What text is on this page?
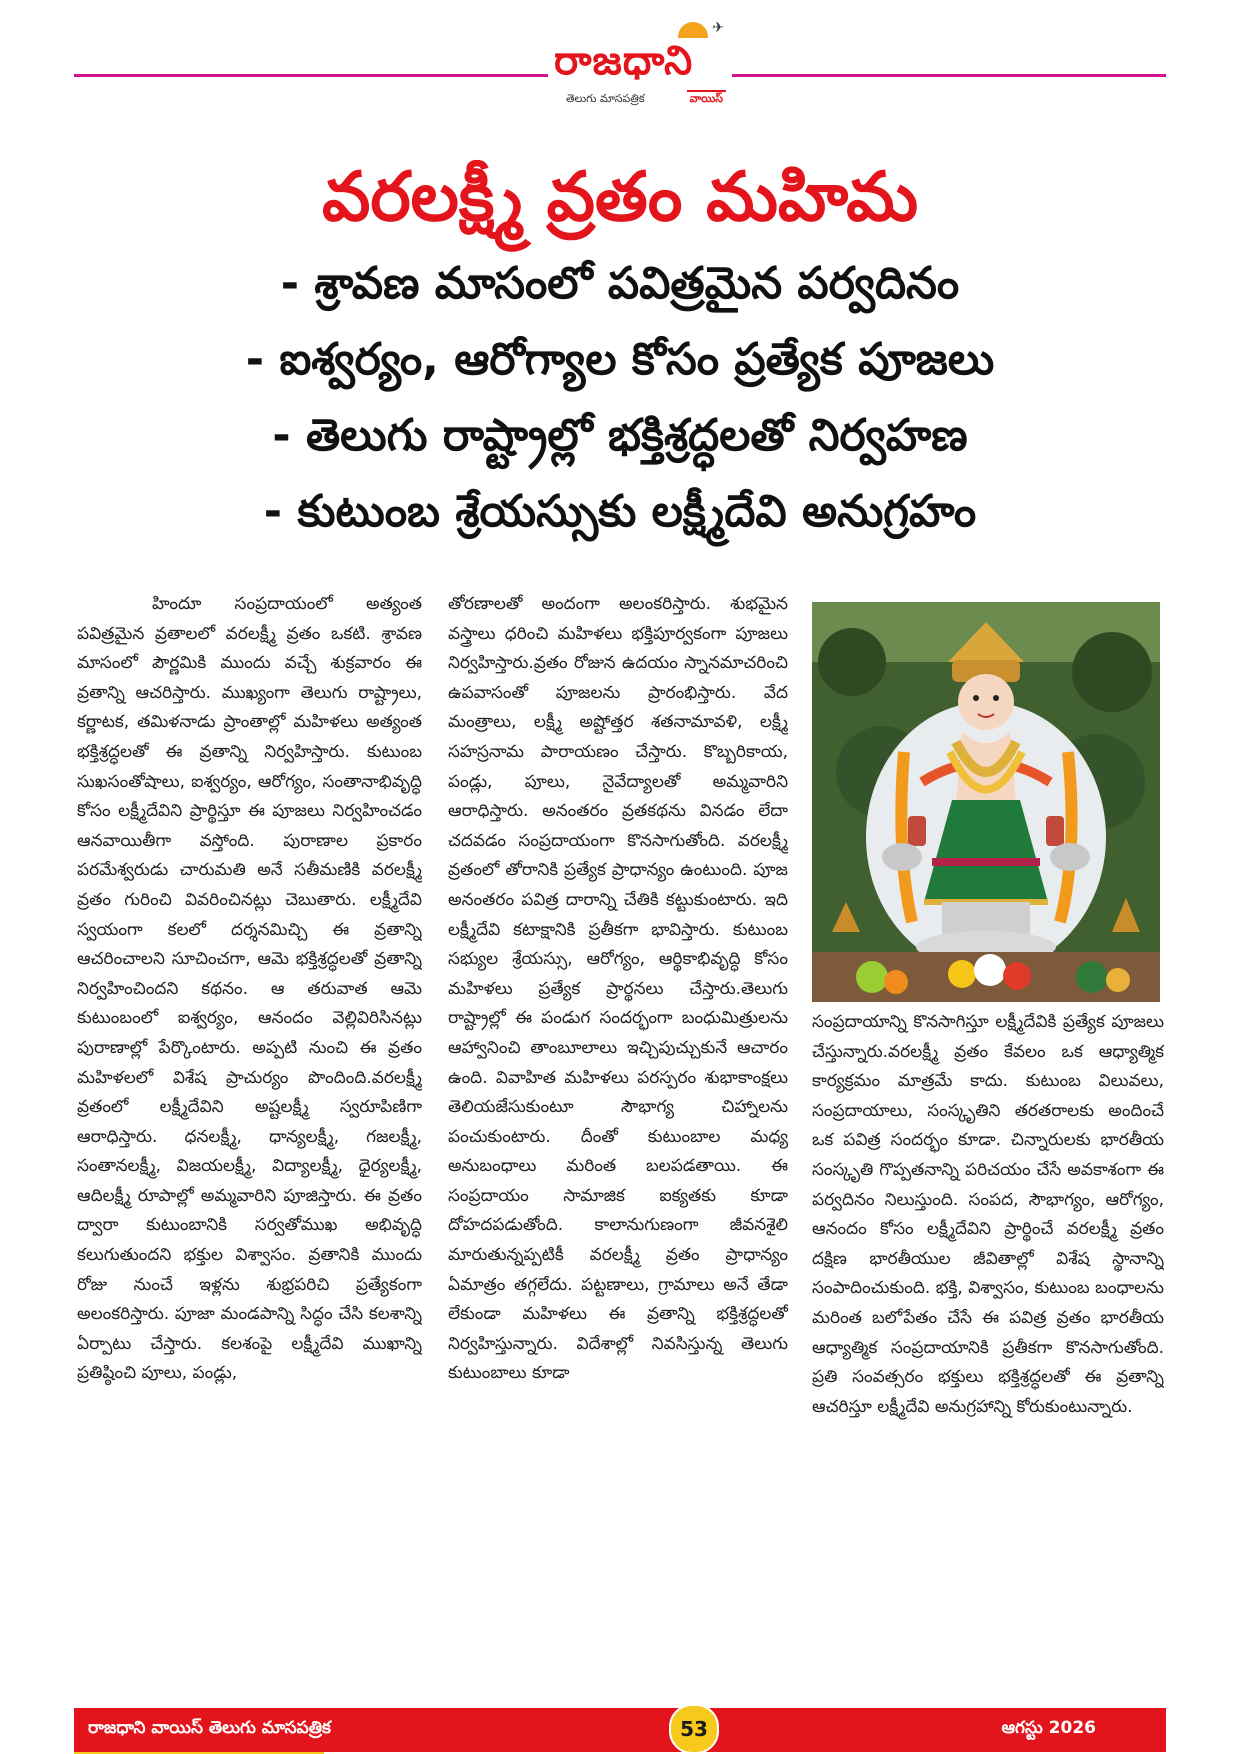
✈
రాజధాని
తెలుగు మాసపత్రిక	వాయిస్
వరలక్ష్మీ వ్రతం మహిమ
- శ్రావణ మాసంలో పవిత్రమైన పర్వదినం
- ఐశ్వర్యం, ఆరోగ్యాల కోసం ప్రత్యేక పూజలు
- తెలుగు రాష్ట్రాల్లో భక్తిశ్రద్ధలతో నిర్వహణ
- కుటుంబ శ్రేయస్సుకు లక్ష్మీదేవి అనుగ్రహం
హిందూ సంప్రదాయంలో అత్యంత పవిత్రమైన వ్రతాలలో వరలక్ష్మీ వ్రతం ఒకటి. శ్రావణ మాసంలో పౌర్ణమికి ముందు వచ్చే శుక్రవారం ఈ వ్రతాన్ని ఆచరిస్తారు. ముఖ్యంగా తెలుగు రాష్ట్రాలు, కర్ణాటక, తమిళనాడు ప్రాంతాల్లో మహిళలు అత్యంత భక్తిశ్రద్ధలతో ఈ వ్రతాన్ని నిర్వహిస్తారు. కుటుంబ సుఖసంతోషాలు, ఐశ్వర్యం, ఆరోగ్యం, సంతానాభివృద్ధి కోసం లక్ష్మీదేవిని ప్రార్థిస్తూ ఈ పూజలు నిర్వహించడం ఆనవాయితీగా వస్తోంది. పురాణాల ప్రకారం పరమేశ్వరుడు చారుమతి అనే సతీమణికి వరలక్ష్మీ వ్రతం గురించి వివరించినట్లు చెబుతారు. లక్ష్మీదేవి స్వయంగా కలలో దర్శనమిచ్చి ఈ వ్రతాన్ని ఆచరించాలని సూచించగా, ఆమె భక్తిశ్రద్ధలతో వ్రతాన్ని నిర్వహించిందని కథనం. ఆ తరువాత ఆమె కుటుంబంలో ఐశ్వర్యం, ఆనందం వెల్లివిరిసినట్లు పురాణాల్లో పేర్కొంటారు. అప్పటి నుంచి ఈ వ్రతం మహిళలలో విశేష ప్రాచుర్యం పొందింది.వరలక్ష్మీ వ్రతంలో లక్ష్మీదేవిని అష్టలక్ష్మీ స్వరూపిణిగా ఆరాధిస్తారు. ధనలక్ష్మీ, ధాన్యలక్ష్మీ, గజలక్ష్మీ, సంతానలక్ష్మీ, విజయలక్ష్మీ, విద్యాలక్ష్మీ, ధైర్యలక్ష్మీ, ఆదిలక్ష్మీ రూపాల్లో అమ్మవారిని పూజిస్తారు. ఈ వ్రతం ద్వారా కుటుంబానికి సర్వతోముఖ అభివృద్ధి కలుగుతుందని భక్తుల విశ్వాసం. వ్రతానికి ముందు రోజు నుంచే ఇళ్లను శుభ్రపరిచి ప్రత్యేకంగా అలంకరిస్తారు. పూజా మండపాన్ని సిద్ధం చేసి కలశాన్ని ఏర్పాటు చేస్తారు. కలశంపై లక్ష్మీదేవి ముఖాన్ని ప్రతిష్ఠించి పూలు, పండ్లు,
తోరణాలతో అందంగా అలంకరిస్తారు. శుభమైన వస్త్రాలు ధరించి మహిళలు భక్తిపూర్వకంగా పూజలు నిర్వహిస్తారు.వ్రతం రోజున ఉదయం స్నానమాచరించి ఉపవాసంతో పూజలను ప్రారంభిస్తారు. వేద మంత్రాలు, లక్ష్మీ అష్టోత్తర శతనామావళి, లక్ష్మీ సహస్రనామ పారాయణం చేస్తారు. కొబ్బరికాయ, పండ్లు, పూలు, నైవేద్యాలతో అమ్మవారిని ఆరాధిస్తారు. అనంతరం వ్రతకథను వినడం లేదా చదవడం సంప్రదాయంగా కొనసాగుతోంది. వరలక్ష్మీ వ్రతంలో తోరానికి ప్రత్యేక ప్రాధాన్యం ఉంటుంది. పూజ అనంతరం పవిత్ర దారాన్ని చేతికి కట్టుకుంటారు. ఇది లక్ష్మీదేవి కటాక్షానికి ప్రతీకగా భావిస్తారు. కుటుంబ సభ్యుల శ్రేయస్సు, ఆరోగ్యం, ఆర్థికాభివృద్ధి కోసం మహిళలు ప్రత్యేక ప్రార్థనలు చేస్తారు.తెలుగు రాష్ట్రాల్లో ఈ పండుగ సందర్భంగా బంధుమిత్రులను ఆహ్వానించి తాంబూలాలు ఇచ్చిపుచ్చుకునే ఆచారం ఉంది. వివాహిత మహిళలు పరస్పరం శుభాకాంక్షలు తెలియజేసుకుంటూ సౌభాగ్య చిహ్నాలను పంచుకుంటారు. దీంతో కుటుంబాల మధ్య అనుబంధాలు మరింత బలపడతాయి. ఈ సంప్రదాయం సామాజిక ఐక్యతకు కూడా దోహదపడుతోంది. కాలానుగుణంగా జీవనశైలి మారుతున్నప్పటికీ వరలక్ష్మీ వ్రతం ప్రాధాన్యం ఏమాత్రం తగ్గలేదు. పట్టణాలు, గ్రామాలు అనే తేడా లేకుండా మహిళలు ఈ వ్రతాన్ని భక్తిశ్రద్ధలతో నిర్వహిస్తున్నారు. విదేశాల్లో నివసిస్తున్న తెలుగు కుటుంబాలు కూడా
సంప్రదాయాన్ని కొనసాగిస్తూ లక్ష్మీదేవికి ప్రత్యేక పూజలు చేస్తున్నారు.వరలక్ష్మీ వ్రతం కేవలం ఒక ఆధ్యాత్మిక కార్యక్రమం మాత్రమే కాదు. కుటుంబ విలువలు, సంప్రదాయాలు, సంస్కృతిని తరతరాలకు అందించే ఒక పవిత్ర సందర్భం కూడా. చిన్నారులకు భారతీయ సంస్కృతి గొప్పతనాన్ని పరిచయం చేసే అవకాశంగా ఈ పర్వదినం నిలుస్తుంది. సంపద, సౌభాగ్యం, ఆరోగ్యం, ఆనందం కోసం లక్ష్మీదేవిని ప్రార్థించే వరలక్ష్మీ వ్రతం దక్షిణ భారతీయుల జీవితాల్లో విశేష స్థానాన్ని సంపాదించుకుంది. భక్తి, విశ్వాసం, కుటుంబ బంధాలను మరింత బలోపేతం చేసే ఈ పవిత్ర వ్రతం భారతీయ ఆధ్యాత్మిక సంప్రదాయానికి ప్రతీకగా కొనసాగుతోంది. ప్రతి సంవత్సరం భక్తులు భక్తిశ్రద్ధలతో ఈ వ్రతాన్ని ఆచరిస్తూ లక్ష్మీదేవి అనుగ్రహాన్ని కోరుకుంటున్నారు.
రాజధాని వాయిస్ తెలుగు మాసపత్రిక	53	ఆగస్టు 2026
